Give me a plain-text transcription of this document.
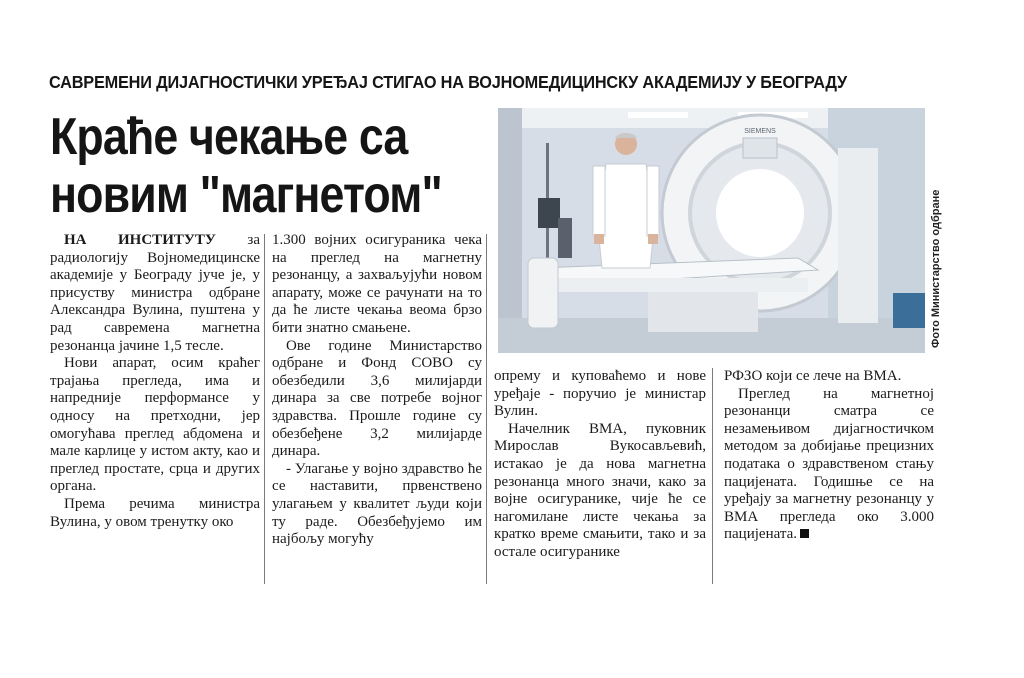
САВРЕМЕНИ ДИЈАГНОСТИЧКИ УРЕЂАЈ СТИГАО НА ВОЈНОМЕДИЦИНСКУ АКАДЕМИЈУ У БЕОГРАДУ
Краће чекање са
новим "магнетом"
SIEMENS
Фото Министарство одбране

НА ИНСТИТУТУ за радиологију Војномедицинске академије у Београду јуче је, у присуству министра одбране Александра Вулина, пуштена у рад савремена магнетна резонанца јачине 1,5 тесле.

Нови апарат, осим краћег трајања прегледа, има и напредније перформансе у односу на претходни, јер омогућава преглед абдомена и мале карлице у истом акту, као и преглед простате, срца и других органа.

Према речима министра Вулина, у овом тренутку око

1.300 војних осигураника чека на преглед на магнетну резонанцу, а захваљујући новом апарату, може се рачунати на то да ће листе чекања веома брзо бити знатно смањене.

Ове године Министарство одбране и Фонд СОВО су обезбедили 3,6 милијарди динара за све потребе војног здравства. Прошле године су обезбеђене 3,2 милијарде динара.

- Улагање у војно здравство ће се наставити, првенствено улагањем у квалитет људи који ту раде. Обезбеђујемо им најбољу могућу

опрему и куповаћемо и нове уређаје - поручио је министар Вулин.

Начелник ВМА, пуковник Мирослав Вукосављевић, истакао је да нова магнетна резонанца много значи, како за војне осигуранике, чије ће се нагомилане листе чекања за кратко време смањити, тако и за остале осигуранике

РФЗО који се лече на ВМА.

Преглед на магнетној резонанци сматра се незамењивом дијагностичком методом за добијање прецизних података о здравственом стању пацијената. Годишње се на уређају за магнетну резонанцу у ВМА прегледа око 3.000 пацијената.
